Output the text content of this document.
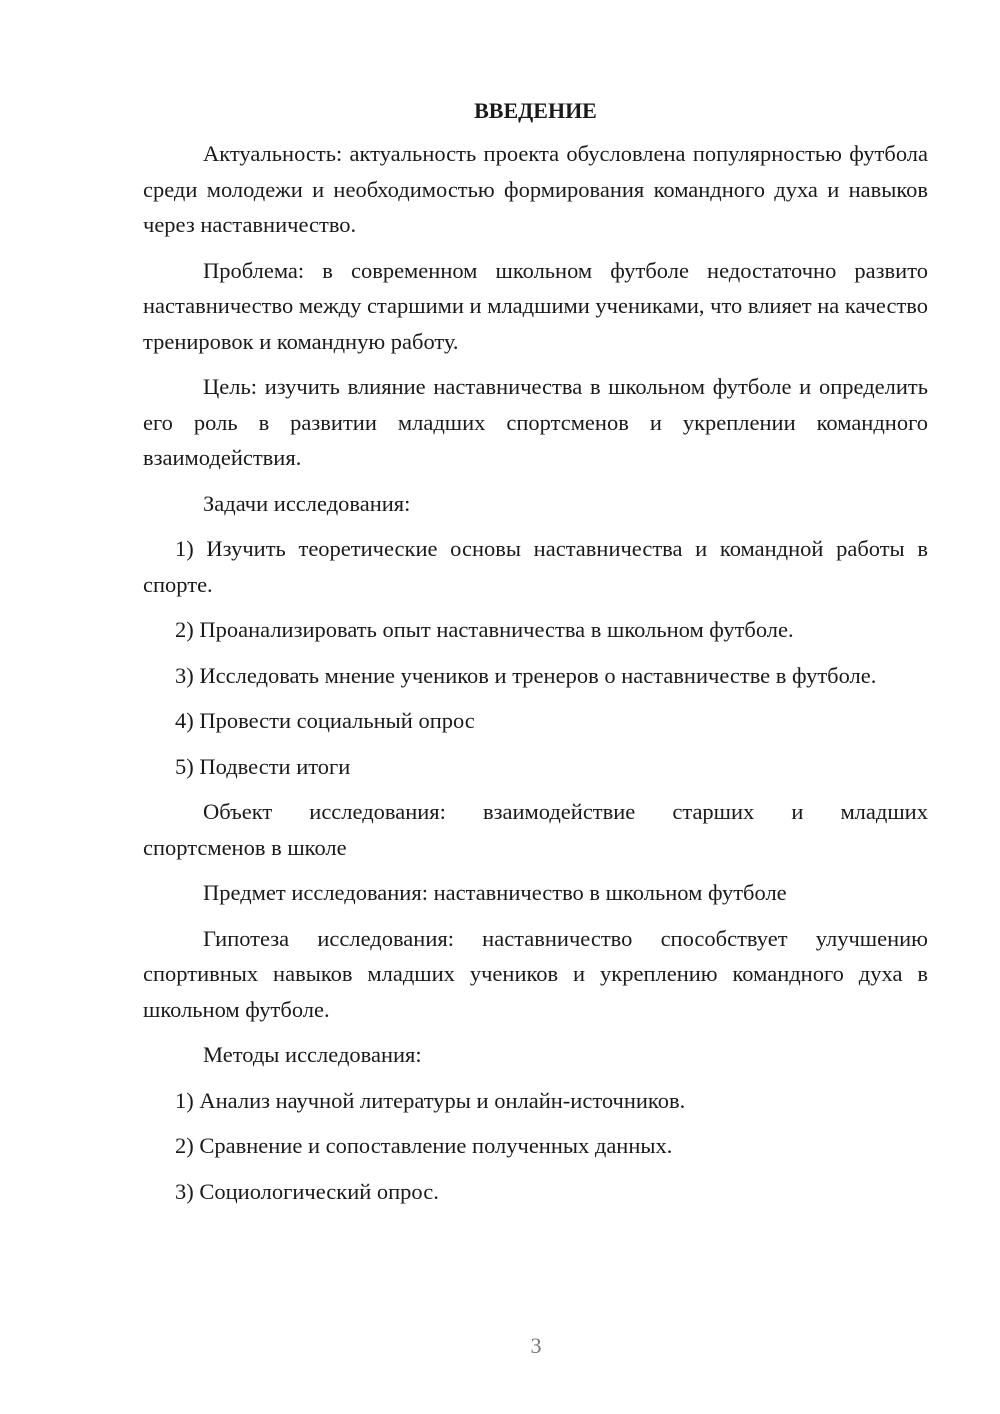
ВВЕДЕНИЕ

Актуальность: актуальность проекта обусловлена популярностью футбола среди молодежи и необходимостью формирования командного духа и навыков через наставничество.

Проблема: в современном школьном футболе недостаточно развито наставничество между старшими и младшими учениками, что влияет на качество тренировок и командную работу.

Цель: изучить влияние наставничества в школьном футболе и определить его роль в развитии младших спортсменов и укреплении командного взаимодействия.

Задачи исследования:

1) Изучить теоретические основы наставничества и командной работы в спорте.

2) Проанализировать опыт наставничества в школьном футболе.

3) Исследовать мнение учеников и тренеров о наставничестве в футболе.

4) Провести социальный опрос

5) Подвести итоги

Объект исследования: взаимодействие старших и младших
спортсменов в школе

Предмет исследования: наставничество в школьном футболе

Гипотеза исследования: наставничество способствует улучшению спортивных навыков младших учеников и укреплению командного духа в школьном футболе.

Методы исследования:

1) Анализ научной литературы и онлайн-источников.

2) Сравнение и сопоставление полученных данных.

3) Социологический опрос.

3
